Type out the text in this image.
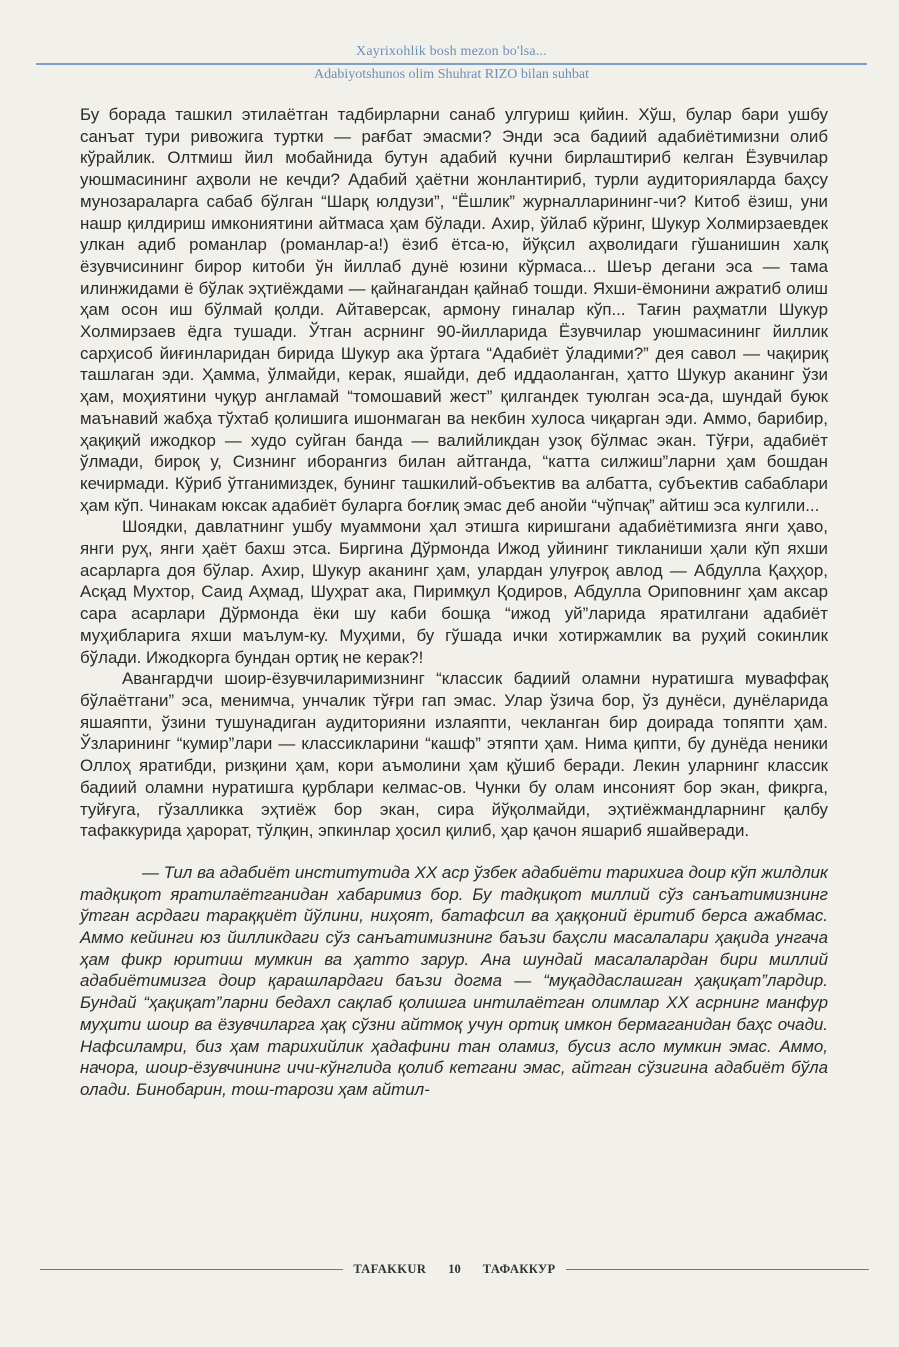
Xayrixohlik bosh mezon bo'lsa...
Adabiyotshunos olim Shuhrat RIZO bilan suhbat

Бу борада ташкил этилаётган тадбирларни санаб улгуриш қийин. Хўш, булар бари ушбу санъат тури ривожига туртки — рағбат эмасми? Энди эса бадиий адабиётимизни олиб кўрайлик. Олтмиш йил мобайнида бутун адабий кучни бирлаштириб келган Ёзувчилар уюшмасининг аҳволи не кечди? Адабий ҳаётни жонлантириб, турли аудиторияларда баҳсу мунозараларга сабаб бўлган “Шарқ юлдузи”, “Ёшлик” журналларининг-чи? Китоб ёзиш, уни нашр қилдириш имкониятини айтмаса ҳам бўлади. Ахир, ўйлаб кўринг, Шукур Холмирзаевдек улкан адиб романлар (романлар-а!) ёзиб ётса-ю, йўқсил аҳволидаги гўшанишин халқ ёзувчисининг бирор китоби ўн йиллаб дунё юзини кўрмаса... Шеър дегани эса — тама илинжидами ё бўлак эҳтиёждами — қайнагандан қайнаб тошди. Яхши-ёмонини ажратиб олиш ҳам осон иш бўлмай қолди. Айтаверсак, армону гиналар кўп... Тағин раҳматли Шукур Холмирзаев ёдга тушади. Ўтган асрнинг 90-йилларида Ёзувчилар уюшмасининг йиллик сарҳисоб йиғинларидан бирида Шукур ака ўртага “Адабиёт ўладими?” дея савол — чақириқ ташлаган эди. Ҳамма, ўлмайди, керак, яшайди, деб иддаоланган, ҳатто Шукур аканинг ўзи ҳам, моҳиятини чуқур англамай “томошавий жест” қилгандек туюлган эса-да, шундай буюк маънавий жабҳа тўхтаб қолишига ишонмаган ва некбин хулоса чиқарган эди. Аммо, барибир, ҳақиқий ижодкор — худо суйган банда — валийликдан узоқ бўлмас экан. Тўғри, адабиёт ўлмади, бироқ у, Сизнинг иборангиз билан айтганда, “катта силжиш”ларни ҳам бошдан кечирмади. Кўриб ўтганимиздек, бунинг ташкилий-объектив ва албатта, субъектив сабаблари ҳам кўп. Чинакам юксак адабиёт буларга боғлиқ эмас деб анойи “чўпчақ” айтиш эса кулгили...

Шоядки, давлатнинг ушбу муаммони ҳал этишга киришгани адабиётимизга янги ҳаво, янги руҳ, янги ҳаёт бахш этса. Биргина Дўрмонда Ижод уйининг тикланиши ҳали кўп яхши асарларга доя бўлар. Ахир, Шукур аканинг ҳам, улардан улуғроқ авлод — Абдулла Қаҳҳор, Асқад Мухтор, Саид Аҳмад, Шуҳрат ака, Пиримқул Қодиров, Абдулла Ориповнинг ҳам аксар сара асарлари Дўрмонда ёки шу каби бошқа “ижод уй”ларида яратилгани адабиёт муҳибларига яхши маълум-ку. Муҳими, бу гўшада ички хотиржамлик ва руҳий сокинлик бўлади. Ижодкорга бундан ортиқ не керак?!

Авангардчи шоир-ёзувчиларимизнинг “классик бадиий оламни нуратишга муваффақ бўлаётгани” эса, менимча, унчалик тўғри гап эмас. Улар ўзича бор, ўз дунёси, дунёларида яшаяпти, ўзини тушунадиган аудиторияни излаяпти, чекланган бир доирада топяпти ҳам. Ўзларининг “кумир”лари — классикларини “кашф” этяпти ҳам. Нима қипти, бу дунёда неники Оллоҳ яратибди, ризқини ҳам, кори аъмолини ҳам қўшиб беради. Лекин уларнинг классик бадиий оламни нуратишга қурблари келмас-ов. Чунки бу олам инсоният бор экан, фикрга, туйғуга, гўзалликка эҳтиёж бор экан, сира йўқолмайди, эҳтиёжмандларнинг қалбу тафаккурида ҳарорат, тўлқин, эпкинлар ҳосил қилиб, ҳар қачон яшариб яшайверади.

— Тил ва адабиёт институтида XX аср ўзбек адабиёти тарихига доир кўп жилдлик тадқиқот яратилаётганидан хабаримиз бор. Бу тадқиқот миллий сўз санъатимизнинг ўтган асрдаги тараққиёт йўлини, ниҳоят, батафсил ва ҳаққоний ёритиб берса ажабмас. Аммо кейинги юз йилликдаги сўз санъатимизнинг баъзи баҳсли масалалари ҳақида унгача ҳам фикр юритиш мумкин ва ҳатто зарур. Ана шундай масалалардан бири миллий адабиётимизга доир қарашлардаги баъзи догма — “муқаддаслашган ҳақиқат”лардир. Бундай “ҳақиқат”ларни бедахл сақлаб қолишга интилаётган олимлар XX асрнинг манфур муҳити шоир ва ёзувчиларга ҳақ сўзни айтмоқ учун ортиқ имкон бермаганидан баҳс очади. Нафсиламри, биз ҳам тарихийлик ҳадафини тан оламиз, бусиз асло мумкин эмас. Аммо, начора, шоир-ёзувчининг ичи-кўнглида қолиб кетгани эмас, айтган сўзигина адабиёт бўла олади. Бинобарин, тош-тарози ҳам айтил-

TAFAKKUR	10	ТАФАККУР
